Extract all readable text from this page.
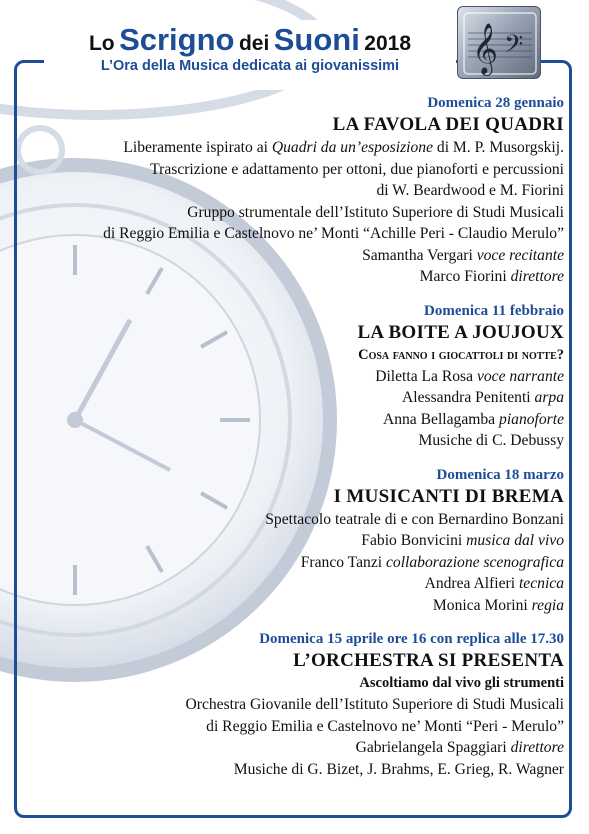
Lo Scrigno dei Suoni 2018
L’Ora della Musica dedicata ai giovanissimi	𝄞 𝄢
Domenica 28 gennaio
LA FAVOLA DEI QUADRI
Liberamente ispirato ai Quadri da un’esposizione di M. P. Musorgskij.
Trascrizione e adattamento per ottoni, due pianoforti e percussioni
di W. Beardwood e M. Fiorini
Gruppo strumentale dell’Istituto Superiore di Studi Musicali
di Reggio Emilia e Castelnovo ne’ Monti “Achille Peri - Claudio Merulo”
Samantha Vergari voce recitante
Marco Fiorini direttore
Domenica 11 febbraio
LA BOITE A JOUJOUX
Cosa fanno i giocattoli di notte?
Diletta La Rosa voce narrante
Alessandra Penitenti arpa
Anna Bellagamba pianoforte
Musiche di C. Debussy
Domenica 18 marzo
I MUSICANTI DI BREMA
Spettacolo teatrale di e con Bernardino Bonzani
Fabio Bonvicini musica dal vivo
Franco Tanzi collaborazione scenografica
Andrea Alfieri tecnica
Monica Morini regia
Domenica 15 aprile ore 16 con replica alle 17.30
L’ORCHESTRA SI PRESENTA
Ascoltiamo dal vivo gli strumenti
Orchestra Giovanile dell’Istituto Superiore di Studi Musicali
di Reggio Emilia e Castelnovo ne’ Monti “Peri - Merulo”
Gabrielangela Spaggiari direttore
Musiche di G. Bizet, J. Brahms, E. Grieg, R. Wagner
